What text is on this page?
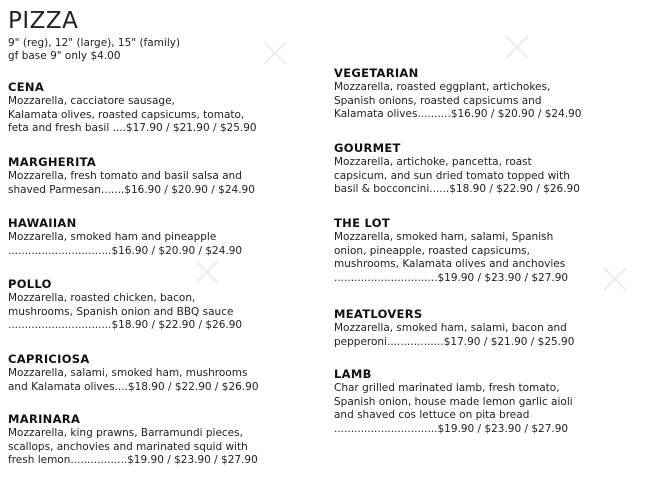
PIZZA
9" (reg), 12" (large), 15" (family)
gf base 9" only $4.00
CENA
Mozzarella, cacciatore sausage,
Kalamata olives, roasted capsicums, tomato,
feta and fresh basil ....$17.90 / $21.90 / $25.90
MARGHERITA
Mozzarella, fresh tomato and basil salsa and
shaved Parmesan.......$16.90 / $20.90 / $24.90
HAWAIIAN
Mozzarella, smoked ham and pineapple
...............................$16.90 / $20.90 / $24.90
POLLO
Mozzarella, roasted chicken, bacon,
mushrooms, Spanish onion and BBQ sauce
...............................$18.90 / $22.90 / $26.90
CAPRICIOSA
Mozzarella, salami, smoked ham, mushrooms
and Kalamata olives....$18.90 / $22.90 / $26.90
MARINARA
Mozzarella, king prawns, Barramundi pieces,
scallops, anchovies and marinated squid with
fresh lemon.................$19.90 / $23.90 / $27.90
VEGETARIAN
Mozzarella, roasted eggplant, artichokes,
Spanish onions, roasted capsicums and
Kalamata olives..........$16.90 / $20.90 / $24.90
GOURMET
Mozzarella, artichoke, pancetta, roast
capsicum, and sun dried tomato topped with
basil & bocconcini......$18.90 / $22.90 / $26.90
THE LOT
Mozzarella, smoked ham, salami, Spanish
onion, pineapple, roasted capsicums,
mushrooms, Kalamata olives and anchovies
...............................$19.90 / $23.90 / $27.90
MEATLOVERS
Mozzarella, smoked ham, salami, bacon and
pepperoni.................$17.90 / $21.90 / $25.90
LAMB
Char grilled marinated lamb, fresh tomato,
Spanish onion, house made lemon garlic aioli
and shaved cos lettuce on pita bread
...............................$19.90 / $23.90 / $27.90
